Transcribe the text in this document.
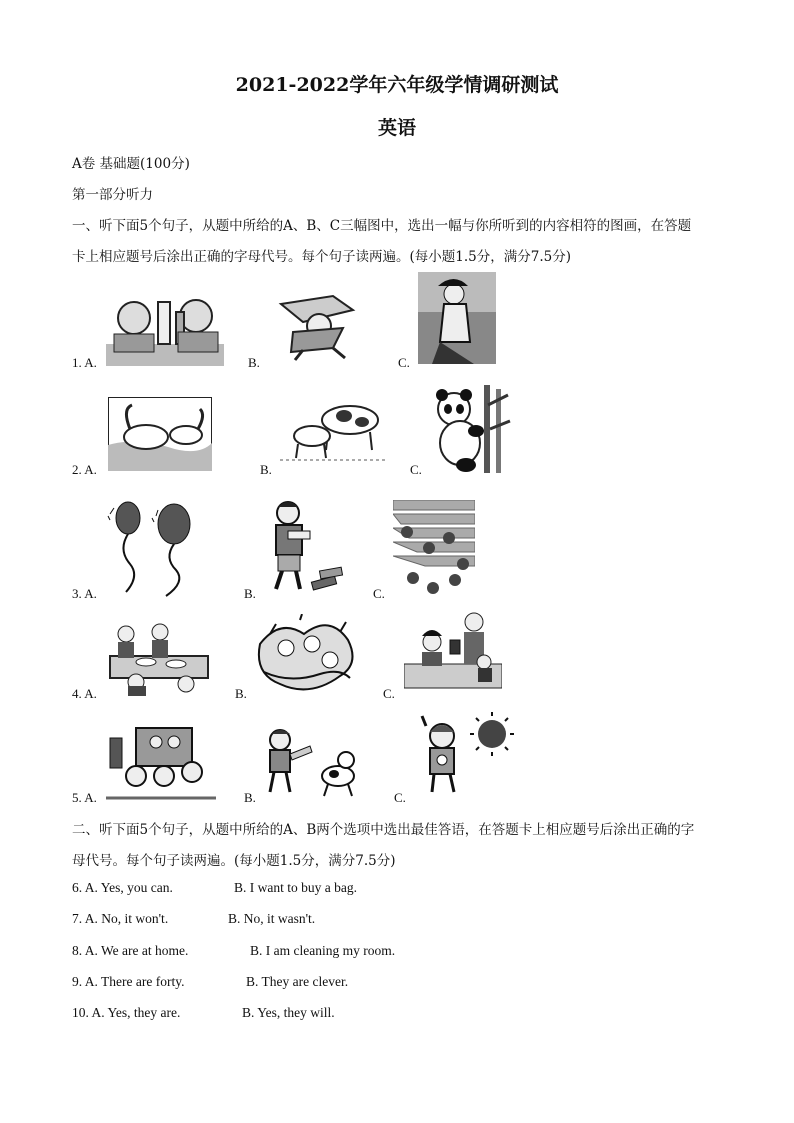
2021-2022学年六年级学情调研测试
英语
A卷 基础题(100分)
第一部分听力
一、听下面5个句子，从题中所给的A、B、C三幅图中，选出一幅与你所听到的内容相符的图画，在答题
卡上相应题号后涂出正确的字母代号。每个句子读两遍。(每小题1.5分，满分7.5分)
1. A.	B.	C.
2. A.	B.	C.
3. A.	B.	C.
4. A.	B.	C.
5. A.	B.	C.
二、听下面5个句子，从题中所给的A、B两个选项中选出最佳答语，在答题卡上相应题号后涂出正确的字
母代号。每个句子读两遍。(每小题1.5分，满分7.5分)
6. A. Yes, you can.	B. I want to buy a bag.
7. A. No, it won't.	B. No, it wasn't.
8. A. We are at home.	B. I am cleaning my room.
9. A. There are forty.	B. They are clever.
10. A. Yes, they are.	B. Yes, they will.
